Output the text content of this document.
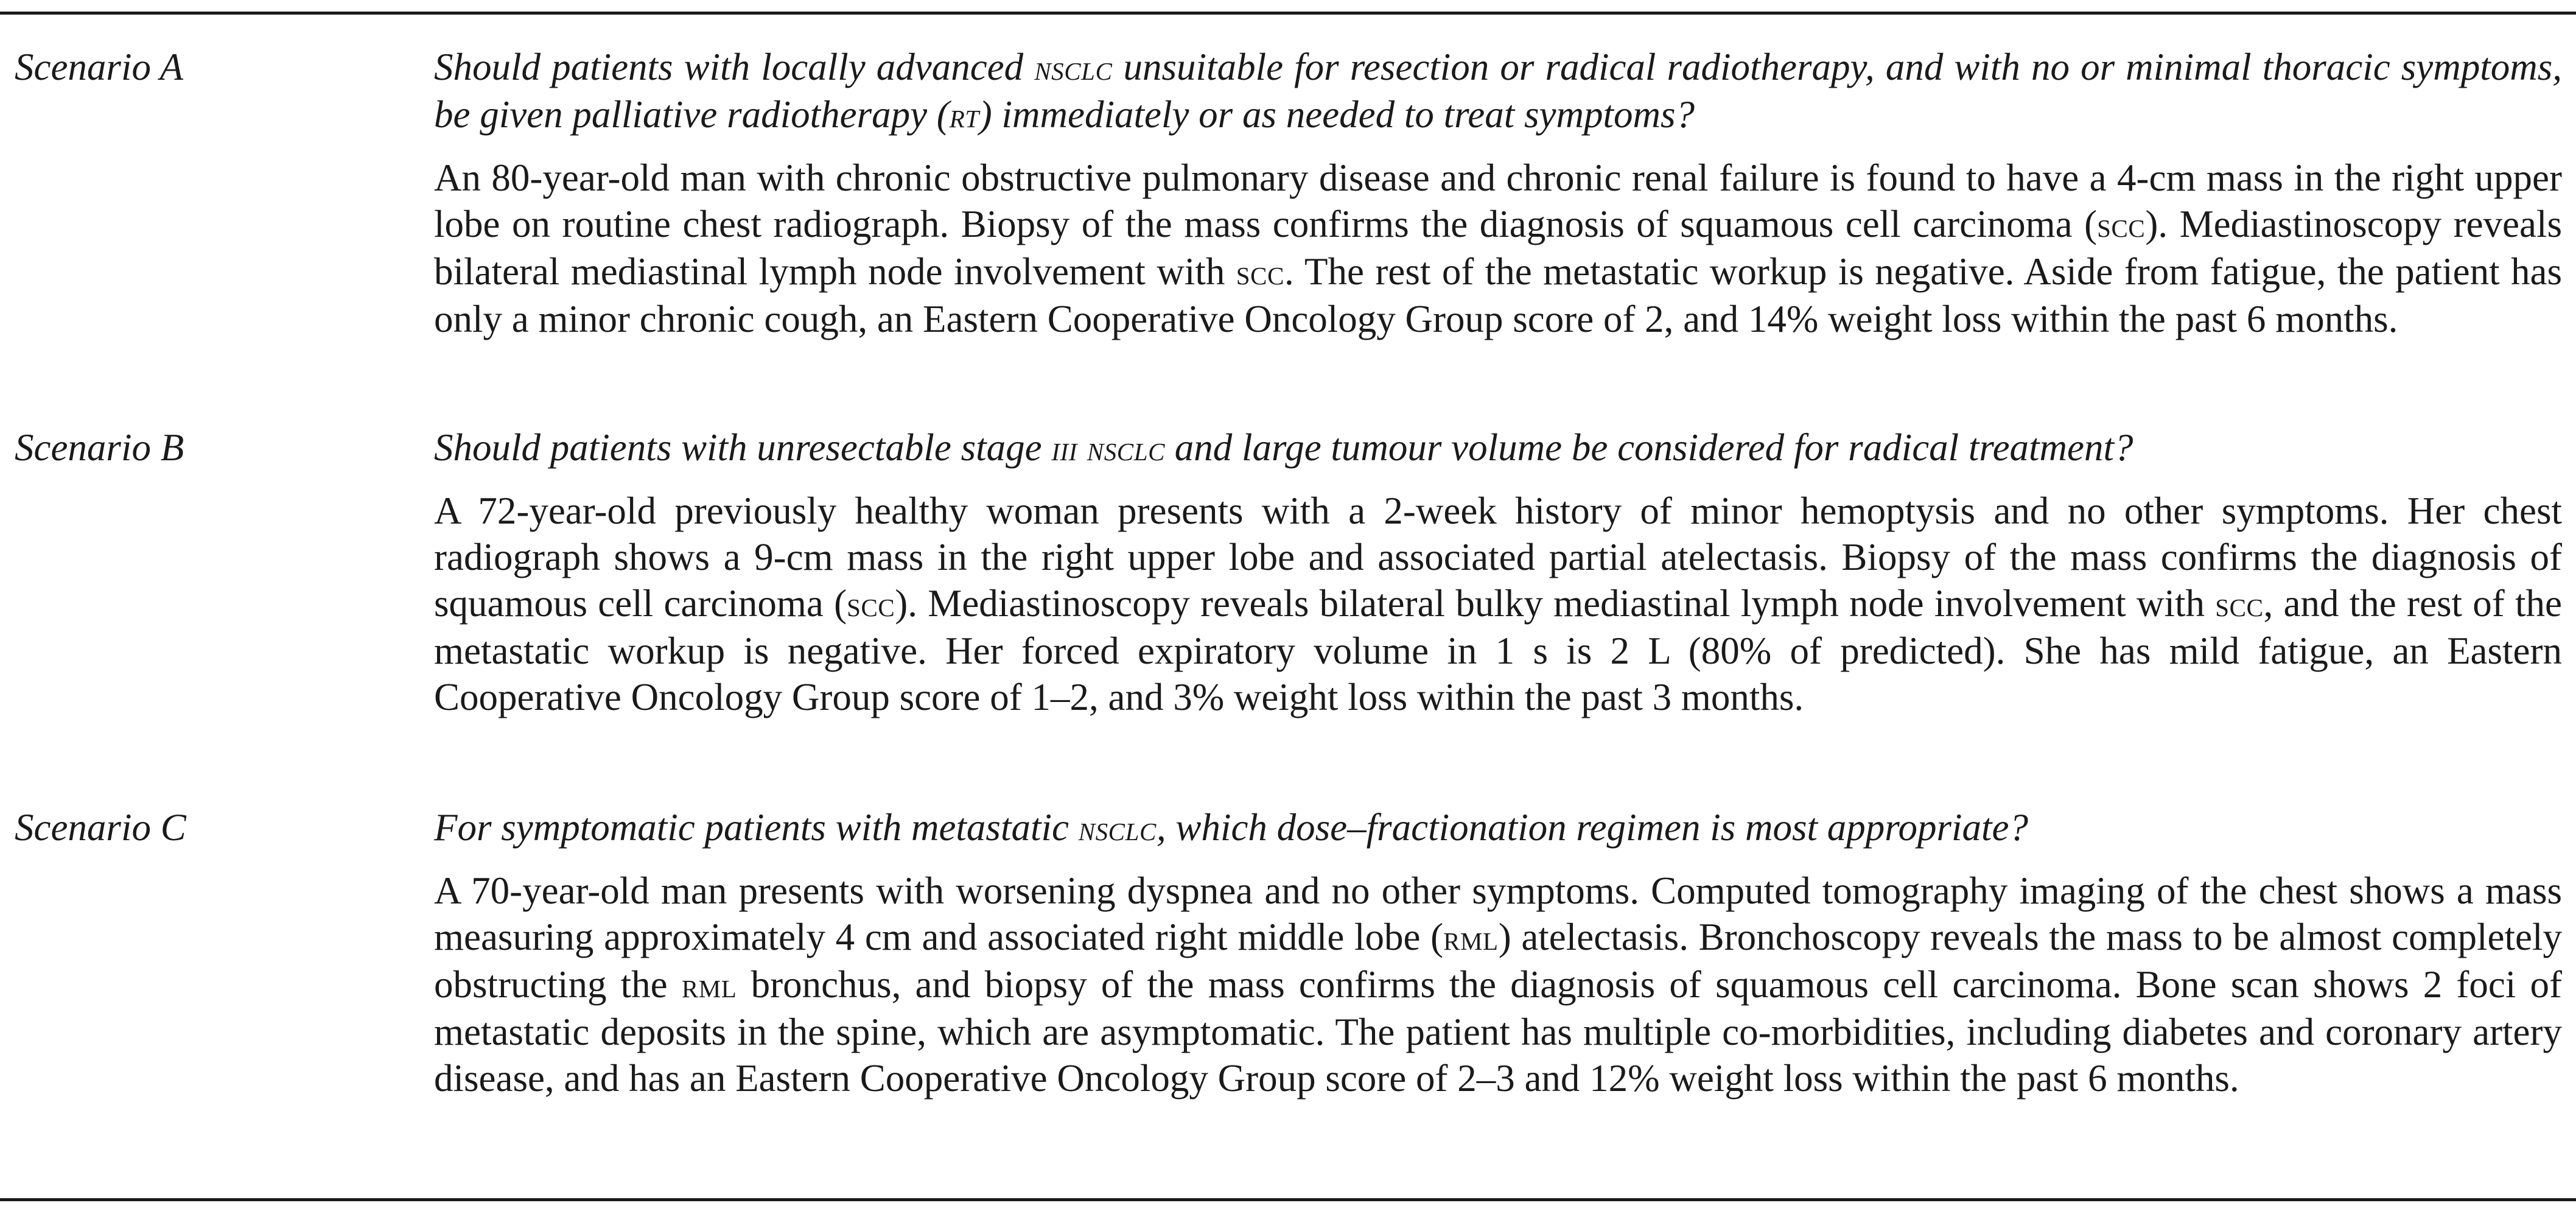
Scenario A	Should patients with locally advanced nsclc unsuitable for resection or radical radiotherapy, and with no or minimal thoracic symptoms, be given palliative radiotherapy (rt) immediately or as needed to treat symptoms?

An 80-year-old man with chronic obstructive pulmonary disease and chronic renal failure is found to have a 4-cm mass in the right upper lobe on routine chest radiograph. Biopsy of the mass confirms the diagnosis of squamous cell carcinoma (scc). Mediastinoscopy reveals bilateral mediastinal lymph node involvement with scc. The rest of the metastatic workup is negative. Aside from fatigue, the patient has only a minor chronic cough, an Eastern Cooperative Oncology Group score of 2, and 14% weight loss within the past 6 months.

Scenario B	Should patients with unresectable stage iii nsclc and large tumour volume be considered for radical treatment?

A 72-year-old previously healthy woman presents with a 2-week history of minor hemoptysis and no other symptoms. Her chest radiograph shows a 9-cm mass in the right upper lobe and associated partial atelectasis. Biopsy of the mass confirms the diagnosis of squamous cell carcinoma (scc). Mediastinoscopy reveals bilateral bulky mediastinal lymph node involvement with scc, and the rest of the metastatic workup is negative. Her forced expiratory volume in 1 s is 2 L (80% of predicted). She has mild fatigue, an Eastern Cooperative Oncology Group score of 1–2, and 3% weight loss within the past 3 months.

Scenario C	For symptomatic patients with metastatic nsclc, which dose–fractionation regimen is most appropriate?

A 70-year-old man presents with worsening dyspnea and no other symptoms. Computed tomography imaging of the chest shows a mass measuring approximately 4 cm and associated right middle lobe (rml) atelectasis. Bronchoscopy reveals the mass to be almost completely obstructing the rml bronchus, and biopsy of the mass confirms the diagnosis of squamous cell carcinoma. Bone scan shows 2 foci of metastatic deposits in the spine, which are asymptomatic. The patient has multiple co-morbidities, including diabetes and coronary artery disease, and has an Eastern Cooperative Oncology Group score of 2–3 and 12% weight loss within the past 6 months.
